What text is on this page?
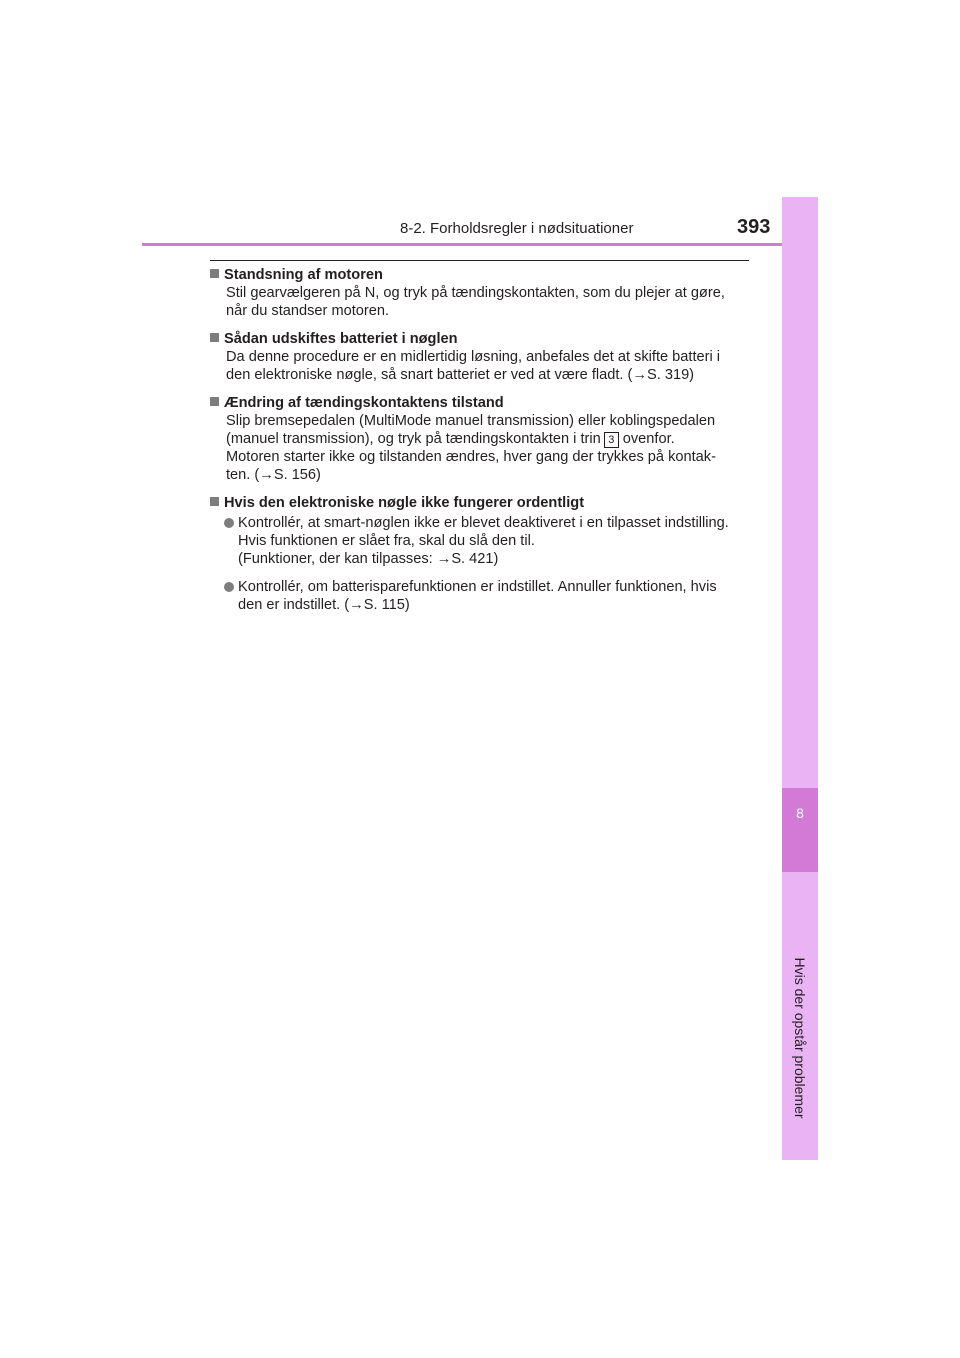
8-2. Forholdsregler i nødsituationer	393
8
Hvis der opstår problemer
Standsning af motoren
Stil gearvælgeren på N, og tryk på tændingskontakten, som du plejer at gøre,
når du standser motoren.
Sådan udskiftes batteriet i nøglen
Da denne procedure er en midlertidig løsning, anbefales det at skifte batteri i
den elektroniske nøgle, så snart batteriet er ved at være fladt. (→S. 319)
Ændring af tændingskontaktens tilstand
Slip bremsepedalen (MultiMode manuel transmission) eller koblingspedalen
(manuel transmission), og tryk på tændingskontakten i trin 3 ovenfor.
Motoren starter ikke og tilstanden ændres, hver gang der trykkes på kontak-
ten. (→S. 156)
Hvis den elektroniske nøgle ikke fungerer ordentligt
Kontrollér, at smart-nøglen ikke er blevet deaktiveret i en tilpasset indstilling.
Hvis funktionen er slået fra, skal du slå den til.
(Funktioner, der kan tilpasses: →S. 421)
Kontrollér, om batterisparefunktionen er indstillet. Annuller funktionen, hvis
den er indstillet. (→S. 115)
